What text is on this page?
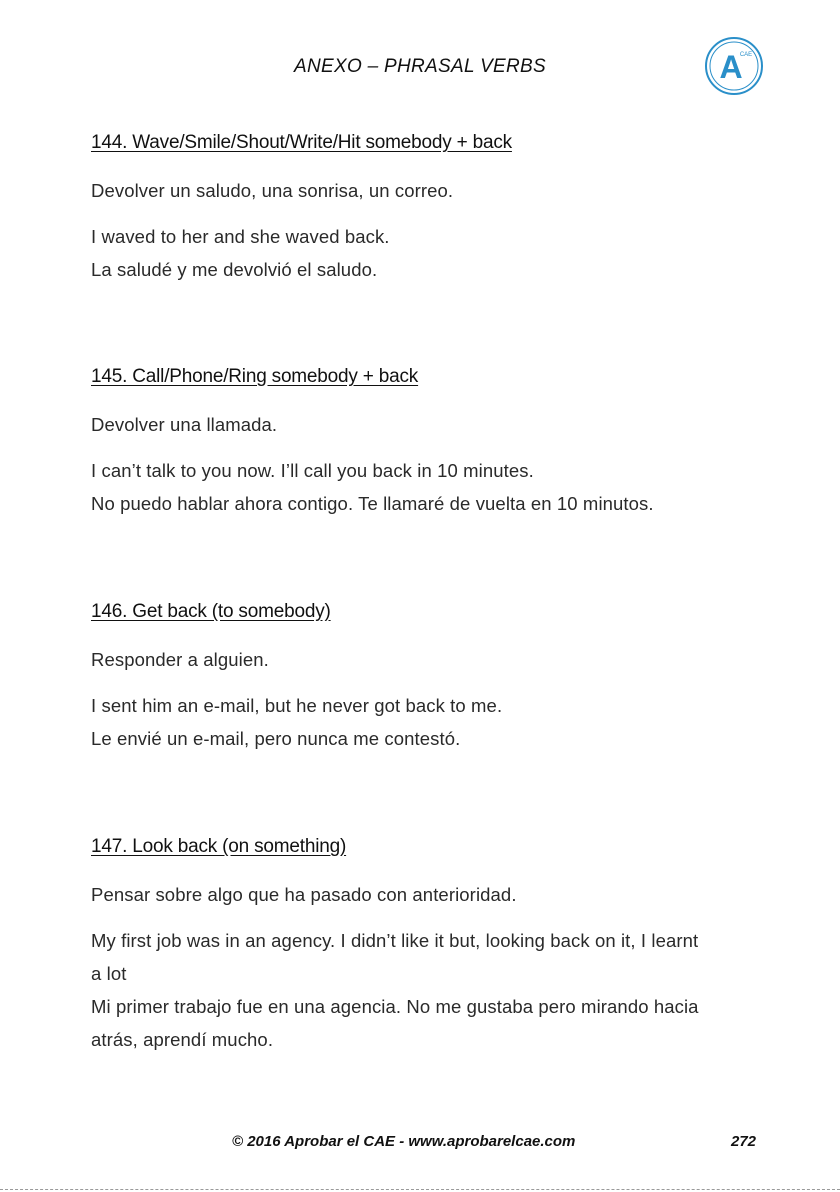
ANEXO – PHRASAL VERBS	A
CAE
144. Wave/Smile/Shout/Write/Hit somebody + back
Devolver un saludo, una sonrisa, un correo.
I waved to her and she waved back.
La saludé y me devolvió el saludo.
145. Call/Phone/Ring somebody + back
Devolver una llamada.
I can’t talk to you now. I’ll call you back in 10 minutes.
No puedo hablar ahora contigo. Te llamaré de vuelta en 10 minutos.
146. Get back (to somebody)
Responder a alguien.
I sent him an e-mail, but he never got back to me.
Le envié un e-mail, pero nunca me contestó.
147. Look back (on something)
Pensar sobre algo que ha pasado con anterioridad.
My first job was in an agency. I didn’t like it but, looking back on it, I learnt
a lot
Mi primer trabajo fue en una agencia. No me gustaba pero mirando hacia
atrás, aprendí mucho.
© 2016 Aprobar el CAE - www.aprobarelcae.com	272
